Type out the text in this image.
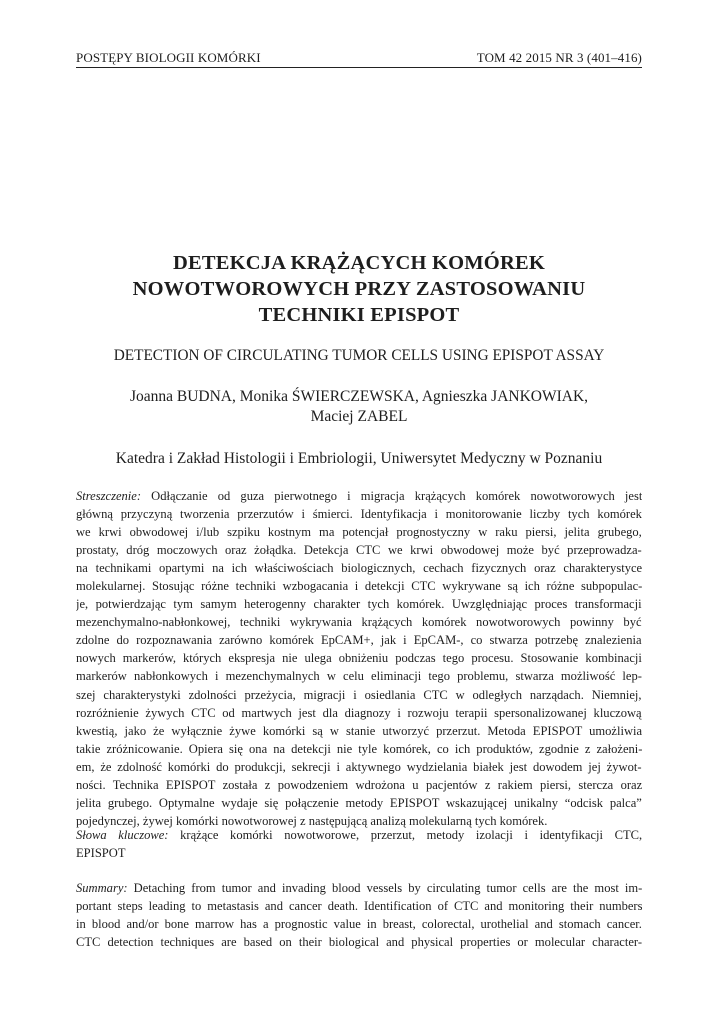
POSTĘPY BIOLOGII KOMÓRKI	TOM 42 2015 NR 3 (401–416)
DETEKCJA KRĄŻĄCYCH KOMÓREK
NOWOTWOROWYCH PRZY ZASTOSOWANIU
TECHNIKI EPISPOT
DETECTION OF CIRCULATING TUMOR CELLS USING EPISPOT ASSAY
Joanna BUDNA, Monika ŚWIERCZEWSKA, Agnieszka JANKOWIAK,
Maciej ZABEL
Katedra i Zakład Histologii i Embriologii, Uniwersytet Medyczny w Poznaniu
Streszczenie: Odłączanie od guza pierwotnego i migracja krążących komórek nowotworowych jest
główną przyczyną tworzenia przerzutów i śmierci. Identyfikacja i monitorowanie liczby tych komórek
we krwi obwodowej i/lub szpiku kostnym ma potencjał prognostyczny w raku piersi, jelita grubego,
prostaty, dróg moczowych oraz żołądka. Detekcja CTC we krwi obwodowej może być przeprowadza-
na technikami opartymi na ich właściwościach biologicznych, cechach fizycznych oraz charakterystyce
molekularnej. Stosując różne techniki wzbogacania i detekcji CTC wykrywane są ich różne subpopulac-
je, potwierdzając tym samym heterogenny charakter tych komórek. Uwzględniając proces transformacji
mezenchymalno-nabłonkowej, techniki wykrywania krążących komórek nowotworowych powinny być
zdolne do rozpoznawania zarówno komórek EpCAM+, jak i EpCAM-, co stwarza potrzebę znalezienia
nowych markerów, których ekspresja nie ulega obniżeniu podczas tego procesu. Stosowanie kombinacji
markerów nabłonkowych i mezenchymalnych w celu eliminacji tego problemu, stwarza możliwość lep-
szej charakterystyki zdolności przeżycia, migracji i osiedlania CTC w odległych narządach. Niemniej,
rozróżnienie żywych CTC od martwych jest dla diagnozy i rozwoju terapii spersonalizowanej kluczową
kwestią, jako że wyłącznie żywe komórki są w stanie utworzyć przerzut. Metoda EPISPOT umożliwia
takie zróżnicowanie. Opiera się ona na detekcji nie tyle komórek, co ich produktów, zgodnie z założeni-
em, że zdolność komórki do produkcji, sekrecji i aktywnego wydzielania białek jest dowodem jej żywot-
ności. Technika EPISPOT została z powodzeniem wdrożona u pacjentów z rakiem piersi, stercza oraz
jelita grubego. Optymalne wydaje się połączenie metody EPISPOT wskazującej unikalny “odcisk palca”
pojedynczej, żywej komórki nowotworowej z następującą analizą molekularną tych komórek.
Słowa kluczowe: krążące komórki nowotworowe, przerzut, metody izolacji i identyfikacji CTC,
EPISPOT
Summary: Detaching from tumor and invading blood vessels by circulating tumor cells are the most im-
portant steps leading to metastasis and cancer death. Identification of CTC and monitoring their numbers
in blood and/or bone marrow has a prognostic value in breast, colorectal, urothelial and stomach cancer.
CTC detection techniques are based on their biological and physical properties or molecular character-
